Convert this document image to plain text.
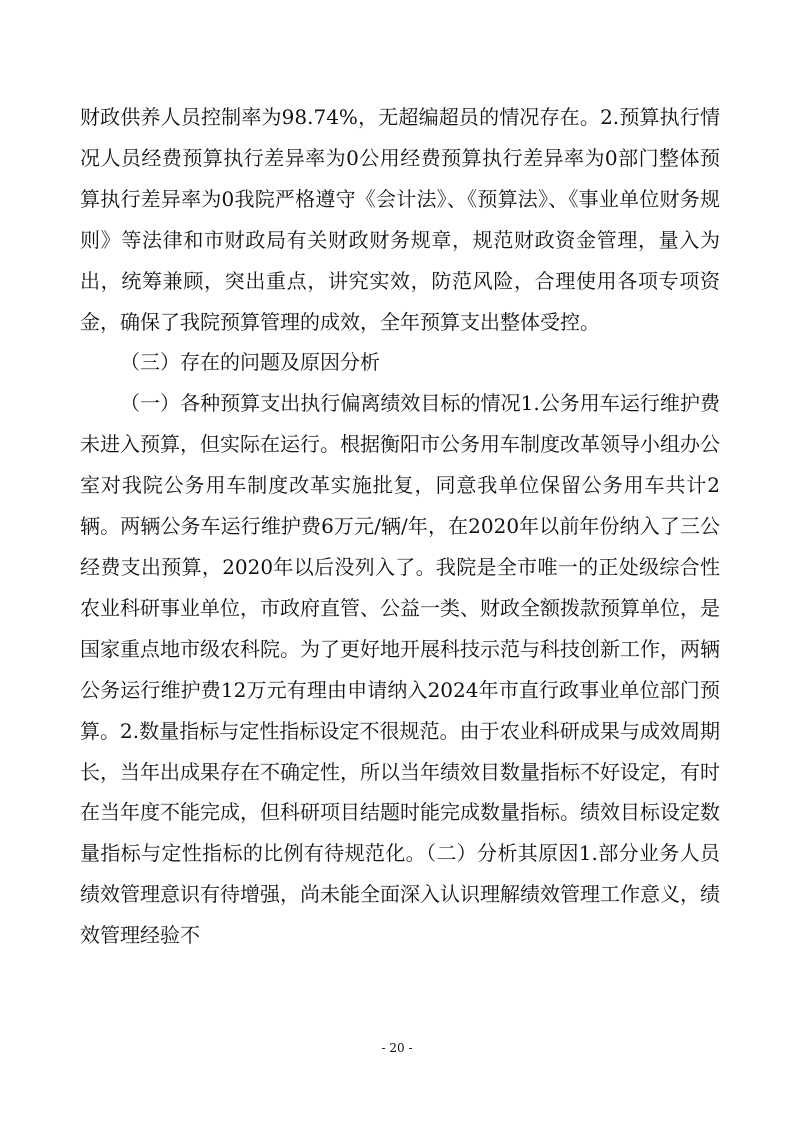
财政供养人员控制率为98.74%，无超编超员的情况存在。2.预算执行情况人员经费预算执行差异率为0公用经费预算执行差异率为0部门整体预算执行差异率为0我院严格遵守《会计法》、《预算法》、《事业单位财务规则》等法律和市财政局有关财政财务规章，规范财政资金管理，量入为出，统筹兼顾，突出重点，讲究实效，防范风险，合理使用各项专项资金，确保了我院预算管理的成效，全年预算支出整体受控。

（三）存在的问题及原因分析

（一）各种预算支出执行偏离绩效目标的情况1.公务用车运行维护费未进入预算，但实际在运行。根据衡阳市公务用车制度改革领导小组办公室对我院公务用车制度改革实施批复，同意我单位保留公务用车共计2辆。两辆公务车运行维护费6万元/辆/年，在2020年以前年份纳入了三公经费支出预算，2020年以后没列入了。我院是全市唯一的正处级综合性农业科研事业单位，市政府直管、公益一类、财政全额拨款预算单位，是国家重点地市级农科院。为了更好地开展科技示范与科技创新工作，两辆公务运行维护费12万元有理由申请纳入2024年市直行政事业单位部门预算。2.数量指标与定性指标设定不很规范。由于农业科研成果与成效周期长，当年出成果存在不确定性，所以当年绩效目数量指标不好设定，有时在当年度不能完成，但科研项目结题时能完成数量指标。绩效目标设定数量指标与定性指标的比例有待规范化。（二）分析其原因1.部分业务人员绩效管理意识有待增强，尚未能全面深入认识理解绩效管理工作意义，绩效管理经验不

- 20 -
